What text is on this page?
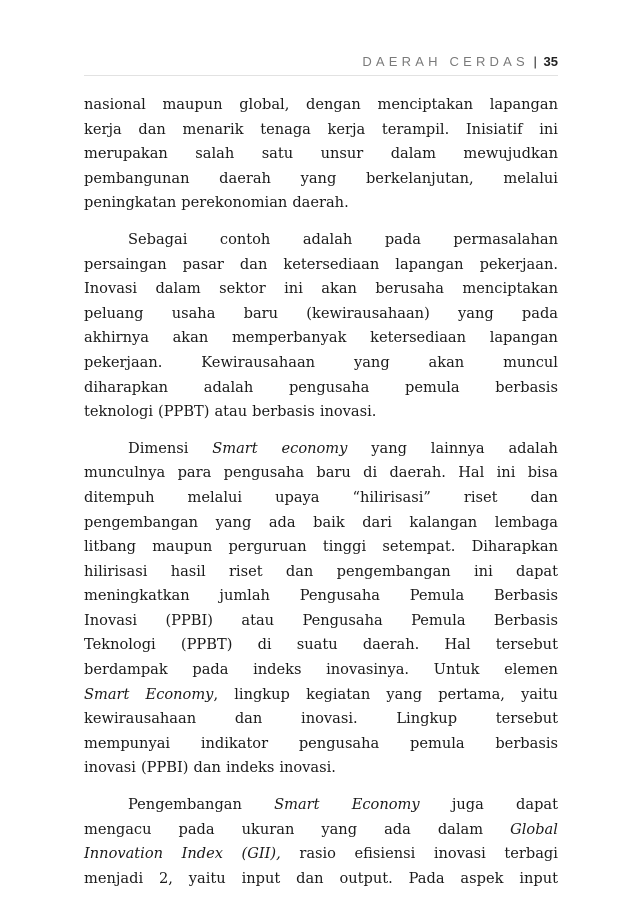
DAERAH CERDAS | 35

nasional maupun global, dengan menciptakan lapangan
kerja dan menarik tenaga kerja terampil. Inisiatif ini
merupakan salah satu unsur dalam mewujudkan
pembangunan daerah yang berkelanjutan, melalui
peningkatan perekonomian daerah.

Sebagai contoh adalah pada permasalahan
persaingan pasar dan ketersediaan lapangan pekerjaan.
Inovasi dalam sektor ini akan berusaha menciptakan
peluang usaha baru (kewirausahaan) yang pada
akhirnya akan memperbanyak ketersediaan lapangan
pekerjaan.	Kewirausahaan	yang	akan	muncul
diharapkan adalah pengusaha pemula berbasis
teknologi (PPBT) atau berbasis inovasi.

Dimensi Smart economy yang lainnya adalah
munculnya para pengusaha baru di daerah. Hal ini bisa
ditempuh melalui upaya “hilirisasi” riset dan
pengembangan yang ada baik dari kalangan lembaga
litbang maupun perguruan tinggi setempat. Diharapkan
hilirisasi hasil riset dan pengembangan ini dapat
meningkatkan jumlah Pengusaha Pemula Berbasis
Inovasi (PPBI) atau Pengusaha Pemula Berbasis
Teknologi (PPBT) di suatu daerah. Hal tersebut
berdampak pada indeks inovasinya. Untuk elemen
Smart Economy, lingkup kegiatan yang pertama, yaitu
kewirausahaan	dan	inovasi.	Lingkup	tersebut
mempunyai indikator pengusaha pemula berbasis
inovasi (PPBI) dan indeks inovasi.

Pengembangan Smart Economy juga dapat
mengacu pada ukuran yang ada dalam Global
Innovation Index (GII), rasio efisiensi inovasi terbagi
menjadi 2, yaitu input dan output. Pada aspek input
